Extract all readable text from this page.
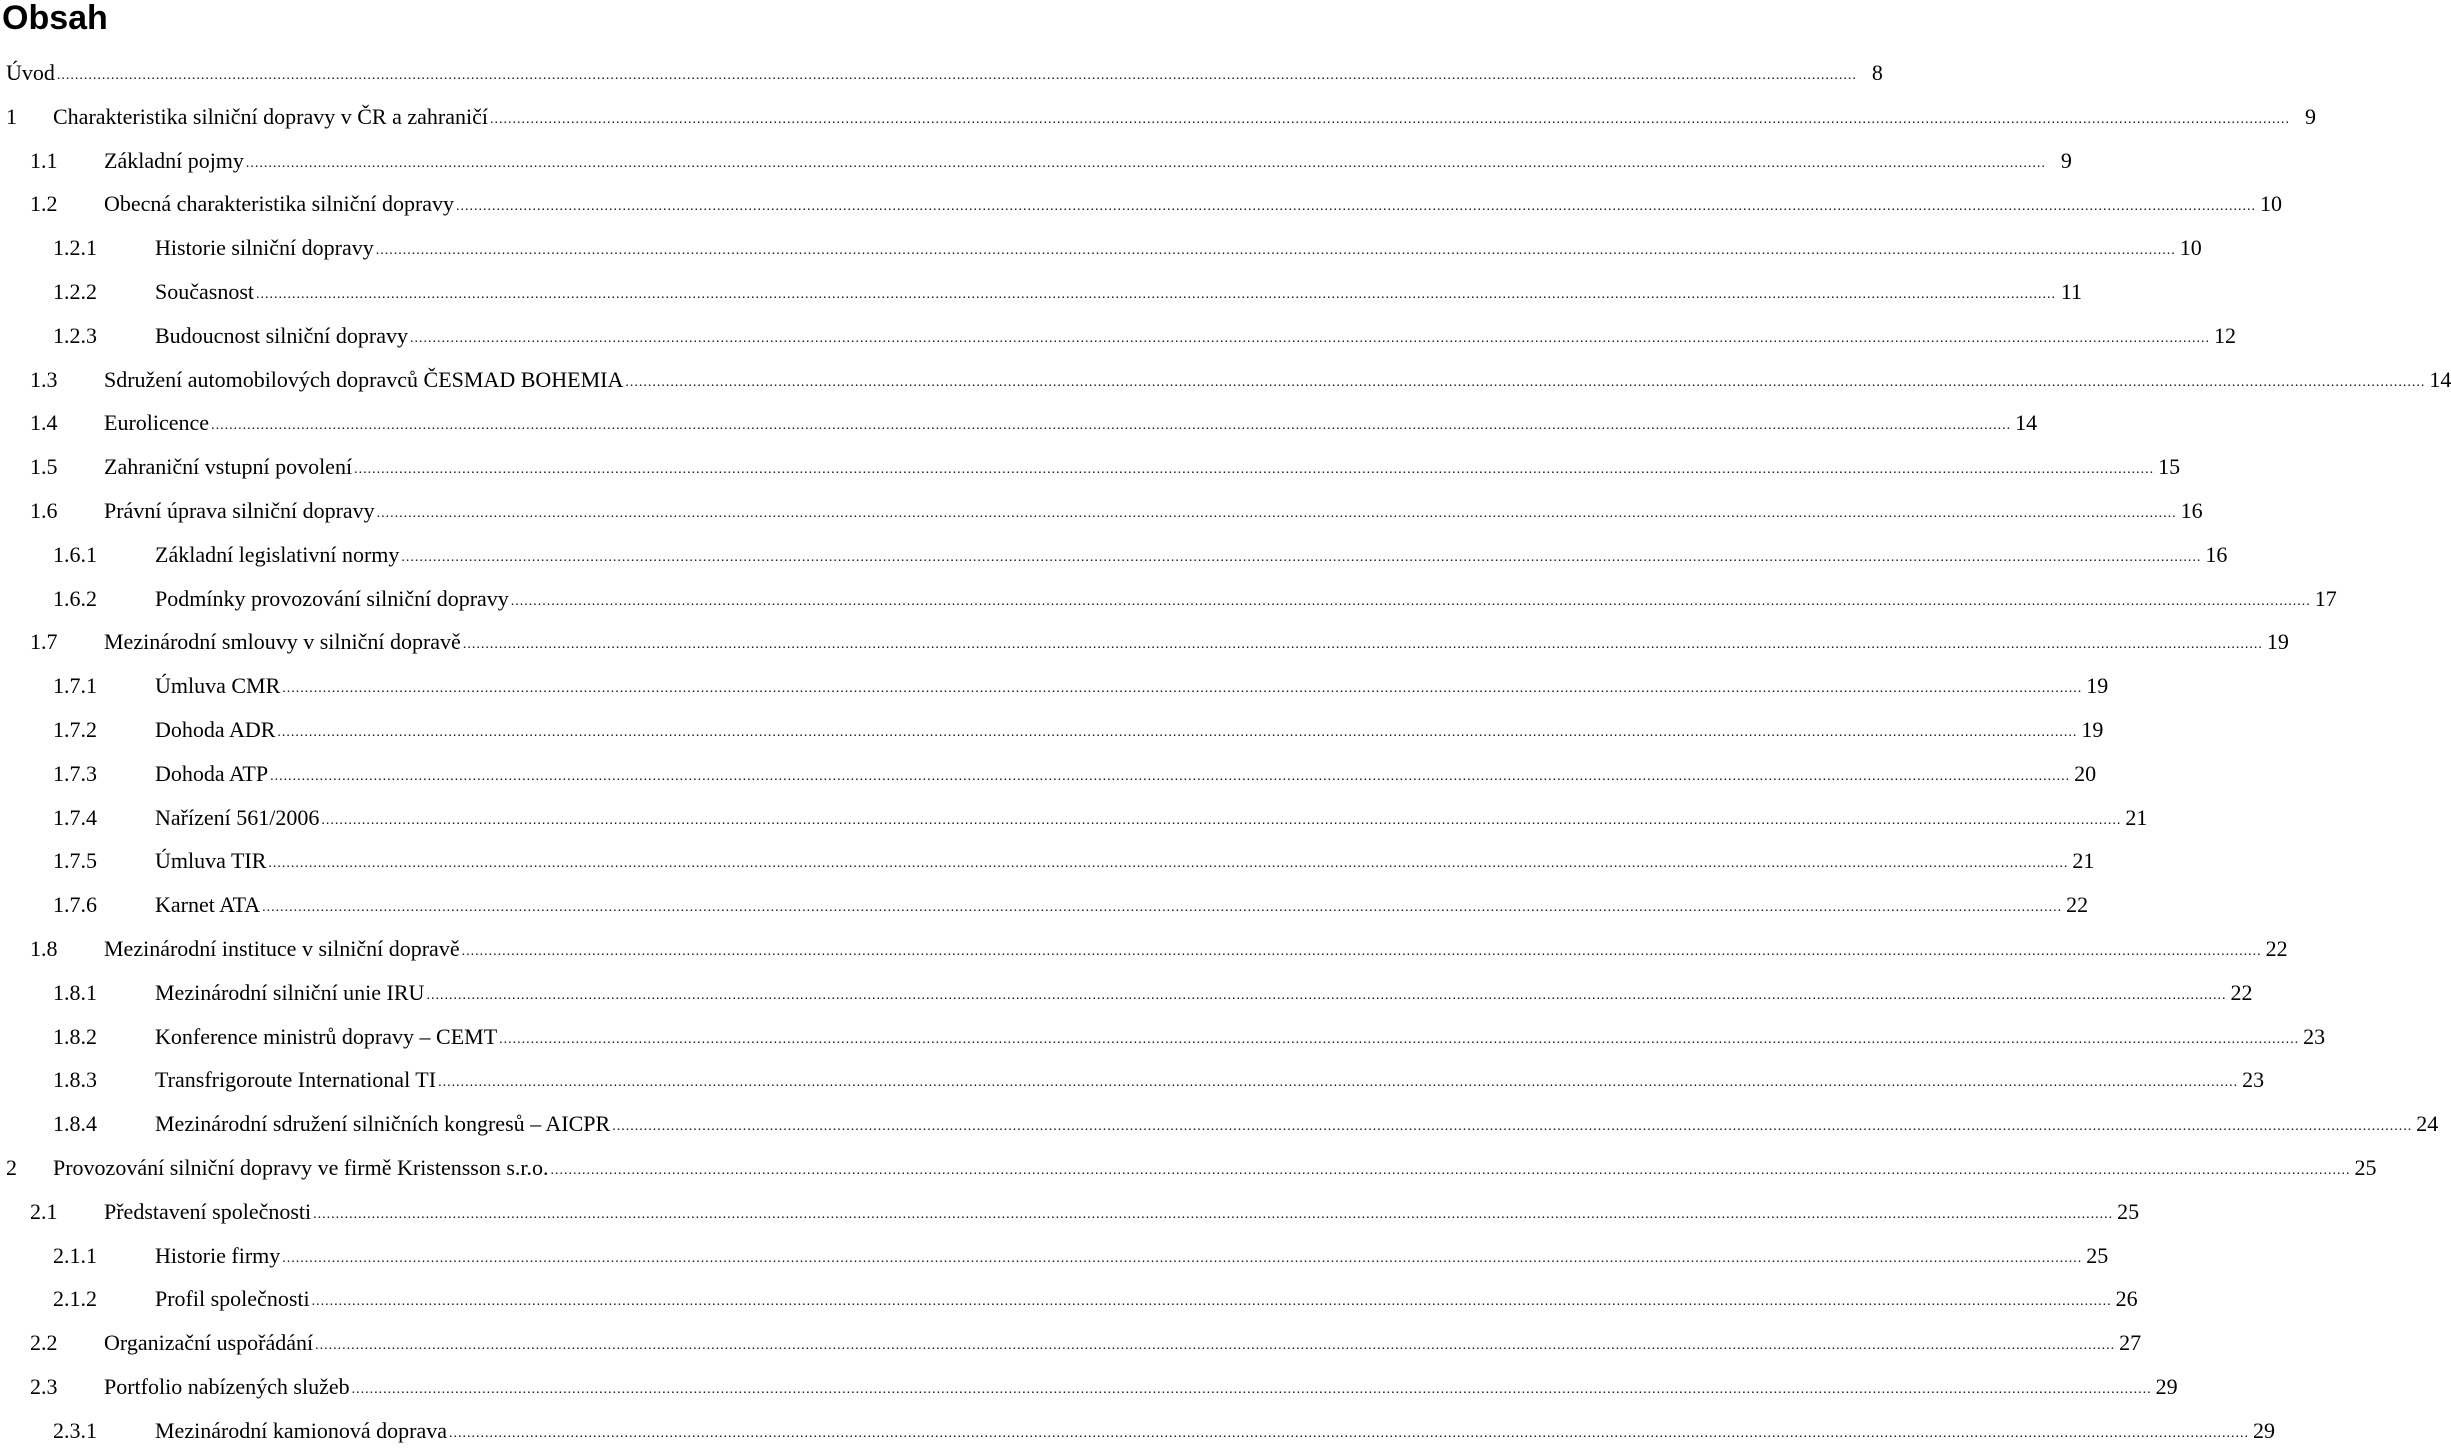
Obsah
Úvod ................................................................................................................................................................................................................................................................................................................................................................................................................ 8
1 Charakteristika silniční dopravy v ČR a zahraničí ................................................................................................................................................................................................................................................................................................................................................................................................................ 9
1.1 Základní pojmy ................................................................................................................................................................................................................................................................................................................................................................................................................ 9
1.2 Obecná charakteristika silniční dopravy ................................................................................................................................................................................................................................................................................................................................................................................................................ 10
1.2.1	Historie silniční dopravy ................................................................................................................................................................................................................................................................................................................................................................................................................ 10
1.2.2	Současnost ................................................................................................................................................................................................................................................................................................................................................................................................................ 11
1.2.3	Budoucnost silniční dopravy ................................................................................................................................................................................................................................................................................................................................................................................................................ 12
1.3 Sdružení automobilových dopravců ČESMAD BOHEMIA ................................................................................................................................................................................................................................................................................................................................................................................................................ 14
1.4 Eurolicence ................................................................................................................................................................................................................................................................................................................................................................................................................ 14
1.5 Zahraniční vstupní povolení ................................................................................................................................................................................................................................................................................................................................................................................................................ 15
1.6 Právní úprava silniční dopravy ................................................................................................................................................................................................................................................................................................................................................................................................................ 16
1.6.1	Základní legislativní normy ................................................................................................................................................................................................................................................................................................................................................................................................................ 16
1.6.2	Podmínky provozování silniční dopravy ................................................................................................................................................................................................................................................................................................................................................................................................................ 17
1.7 Mezinárodní smlouvy v silniční dopravě ................................................................................................................................................................................................................................................................................................................................................................................................................ 19
1.7.1	Úmluva CMR ................................................................................................................................................................................................................................................................................................................................................................................................................ 19
1.7.2	Dohoda ADR ................................................................................................................................................................................................................................................................................................................................................................................................................ 19
1.7.3	Dohoda ATP ................................................................................................................................................................................................................................................................................................................................................................................................................ 20
1.7.4	Nařízení 561/2006 ................................................................................................................................................................................................................................................................................................................................................................................................................ 21
1.7.5	Úmluva TIR ................................................................................................................................................................................................................................................................................................................................................................................................................ 21
1.7.6	Karnet ATA ................................................................................................................................................................................................................................................................................................................................................................................................................ 22
1.8 Mezinárodní instituce v silniční dopravě ................................................................................................................................................................................................................................................................................................................................................................................................................ 22
1.8.1	Mezinárodní silniční unie IRU ................................................................................................................................................................................................................................................................................................................................................................................................................ 22
1.8.2	Konference ministrů dopravy – CEMT ................................................................................................................................................................................................................................................................................................................................................................................................................ 23
1.8.3	Transfrigoroute International TI ................................................................................................................................................................................................................................................................................................................................................................................................................ 23
1.8.4	Mezinárodní sdružení silničních kongresů – AICPR ................................................................................................................................................................................................................................................................................................................................................................................................................ 24
2 Provozování silniční dopravy ve firmě Kristensson s.r.o. ................................................................................................................................................................................................................................................................................................................................................................................................................ 25
2.1 Představení společnosti ................................................................................................................................................................................................................................................................................................................................................................................................................ 25
2.1.1	Historie firmy ................................................................................................................................................................................................................................................................................................................................................................................................................ 25
2.1.2	Profil společnosti ................................................................................................................................................................................................................................................................................................................................................................................................................ 26
2.2 Organizační uspořádání ................................................................................................................................................................................................................................................................................................................................................................................................................ 27
2.3 Portfolio nabízených služeb ................................................................................................................................................................................................................................................................................................................................................................................................................ 29
2.3.1	Mezinárodní kamionová doprava ................................................................................................................................................................................................................................................................................................................................................................................................................ 29
